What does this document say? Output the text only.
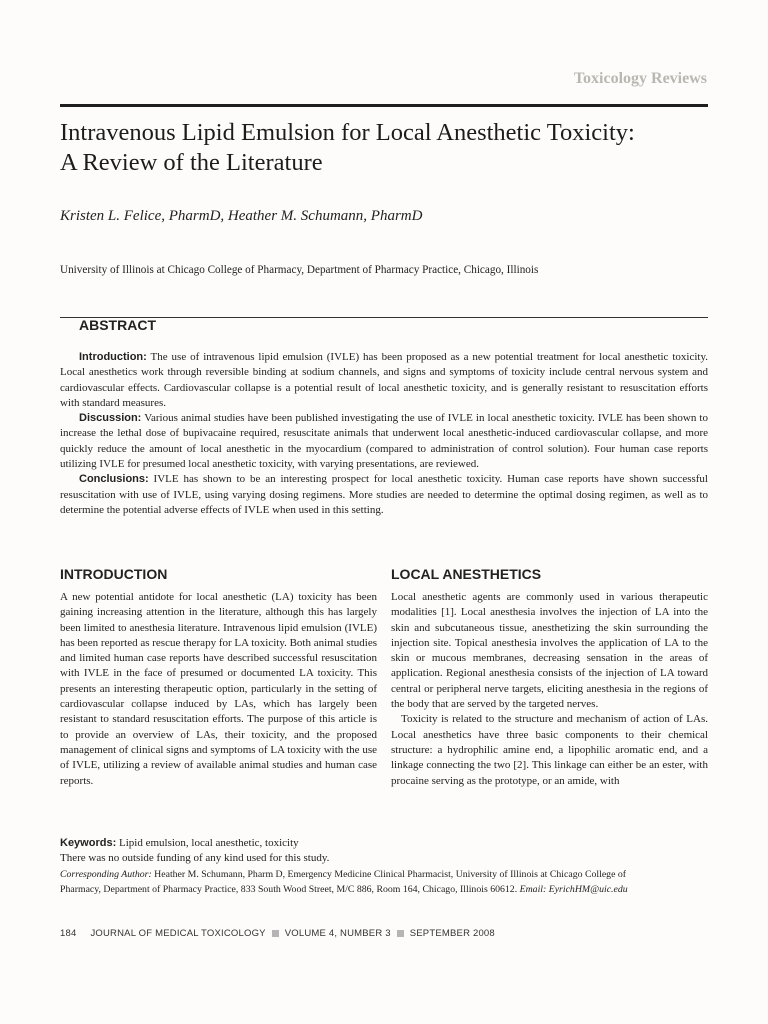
Toxicology Reviews
Intravenous Lipid Emulsion for Local Anesthetic Toxicity:
A Review of the Literature
Kristen L. Felice, PharmD, Heather M. Schumann, PharmD
University of Illinois at Chicago College of Pharmacy, Department of Pharmacy Practice, Chicago, Illinois
ABSTRACT

Introduction: The use of intravenous lipid emulsion (IVLE) has been proposed as a new potential treatment for local anesthetic toxicity. Local anesthetics work through reversible binding at sodium channels, and signs and symptoms of toxicity include central nervous system and cardiovascular effects. Cardiovascular collapse is a potential result of local anesthetic toxicity, and is generally resistant to resuscitation efforts with standard measures.

Discussion: Various animal studies have been published investigating the use of IVLE in local anesthetic toxicity. IVLE has been shown to increase the lethal dose of bupivacaine required, resuscitate animals that underwent local anesthetic-induced cardiovascular collapse, and more quickly reduce the amount of local anesthetic in the myocardium (compared to administration of control solution). Four human case reports utilizing IVLE for presumed local anesthetic toxicity, with varying presentations, are reviewed.

Conclusions: IVLE has shown to be an interesting prospect for local anesthetic toxicity. Human case reports have shown successful resuscitation with use of IVLE, using varying dosing regimens. More studies are needed to determine the optimal dosing regimen, as well as to determine the potential adverse effects of IVLE when used in this setting.

INTRODUCTION

A new potential antidote for local anesthetic (LA) toxicity has been gaining increasing attention in the literature, although this has largely been limited to anesthesia literature. Intravenous lipid emulsion (IVLE) has been reported as rescue therapy for LA toxicity. Both animal studies and limited human case reports have described successful resuscitation with IVLE in the face of presumed or documented LA toxicity. This presents an interesting therapeutic option, particularly in the setting of cardiovascular collapse induced by LAs, which has largely been resistant to standard resuscitation efforts. The purpose of this article is to provide an overview of LAs, their toxicity, and the proposed management of clinical signs and symptoms of LA toxicity with the use of IVLE, utilizing a review of available animal studies and human case reports.

LOCAL ANESTHETICS

Local anesthetic agents are commonly used in various therapeutic modalities [1]. Local anesthesia involves the injection of LA into the skin and subcutaneous tissue, anesthetizing the skin surrounding the injection site. Topical anesthesia involves the application of LA to the skin or mucous membranes, decreasing sensation in the areas of application. Regional anesthesia consists of the injection of LA toward central or peripheral nerve targets, eliciting anesthesia in the regions of the body that are served by the targeted nerves.

Toxicity is related to the structure and mechanism of action of LAs. Local anesthetics have three basic components to their chemical structure: a hydrophilic amine end, a lipophilic aromatic end, and a linkage connecting the two [2]. This linkage can either be an ester, with procaine serving as the prototype, or an amide, with

Keywords: Lipid emulsion, local anesthetic, toxicity
There was no outside funding of any kind used for this study.
Corresponding Author: Heather M. Schumann, Pharm D, Emergency Medicine Clinical Pharmacist, University of Illinois at Chicago College of
Pharmacy, Department of Pharmacy Practice, 833 South Wood Street, M/C 886, Room 164, Chicago, Illinois 60612. Email: EyrichHM@uic.edu
184 JOURNAL OF MEDICAL TOXICOLOGY VOLUME 4, NUMBER 3 SEPTEMBER 2008
